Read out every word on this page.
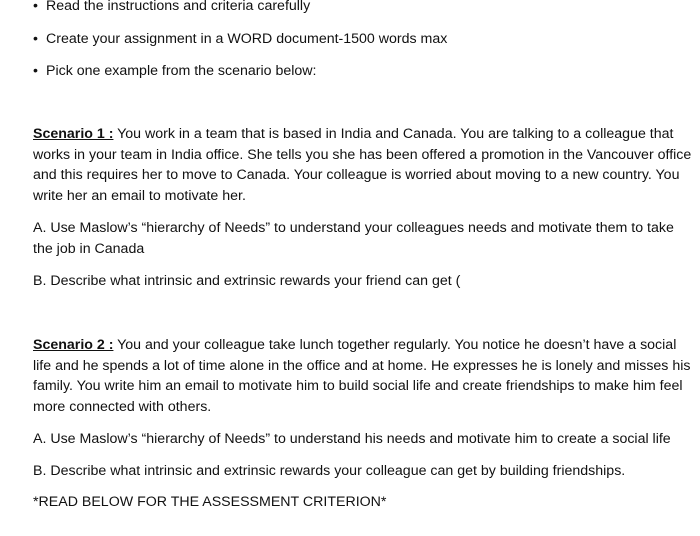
• Read the instructions and criteria carefully
• Create your assignment in a WORD document-1500 words max
• Pick one example from the scenario below:
Scenario 1 : You work in a team that is based in India and Canada. You are talking to a colleague that works in your team in India office. She tells you she has been offered a promotion in the Vancouver office and this requires her to move to Canada. Your colleague is worried about moving to a new country. You write her an email to motivate her.
A. Use Maslow’s “hierarchy of Needs” to understand your colleagues needs and motivate them to take the job in Canada
B. Describe what intrinsic and extrinsic rewards your friend can get (
Scenario 2 : You and your colleague take lunch together regularly. You notice he doesn’t have a social life and he spends a lot of time alone in the office and at home. He expresses he is lonely and misses his family. You write him an email to motivate him to build social life and create friendships to make him feel more connected with others.
A. Use Maslow’s “hierarchy of Needs” to understand his needs and motivate him to create a social life
B. Describe what intrinsic and extrinsic rewards your colleague can get by building friendships.
*READ BELOW FOR THE ASSESSMENT CRITERION*
